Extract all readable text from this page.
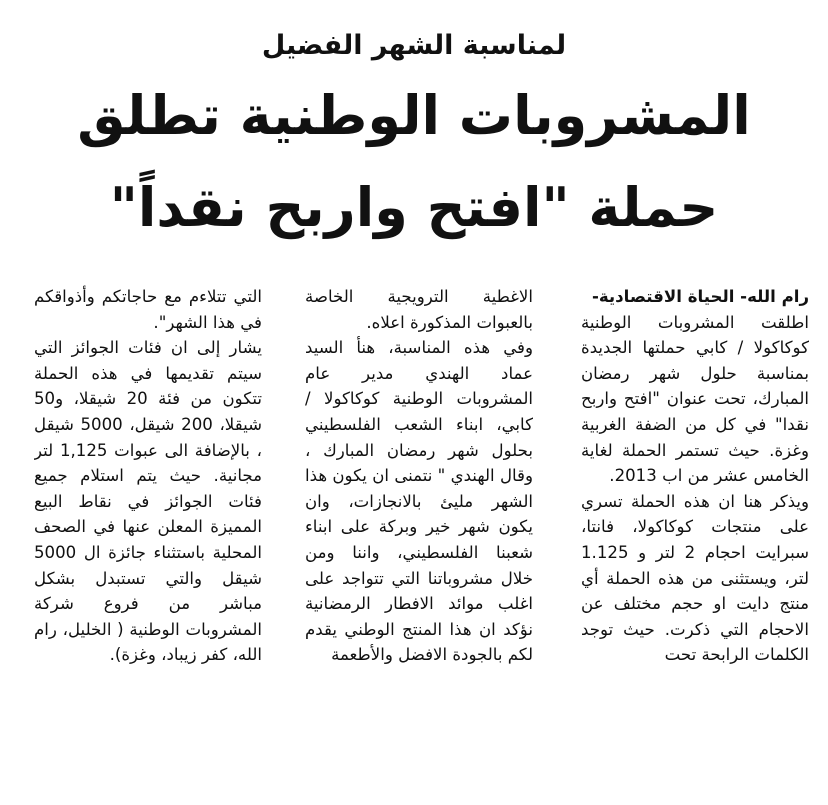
لمناسبة الشهر الفضيل
المشروبات الوطنية تطلق
حملة "افتح واربح نقداً"

رام الله- الحياة الاقتصادية-

اطلقت المشروبات الوطنية كوكاكولا / كابي حملتها الجديدة بمناسبة حلول شهر رمضان المبارك، تحت عنوان "افتح واربح نقدا" في كل من الضفة الغربية وغزة. حيث تستمر الحملة لغاية الخامس عشر من اب 2013.

ويذكر هنا ان هذه الحملة تسري على منتجات كوكاكولا، فانتا، سبرايت احجام 2 لتر و 1.125 لتر، ويستثنى من هذه الحملة أي منتج دايت او حجم مختلف عن الاحجام التي ذكرت. حيث توجد الكلمات الرابحة تحت

الاغطية الترويجية الخاصة بالعبوات المذكورة اعلاه.

وفي هذه المناسبة، هنأ السيد عماد الهندي مدير عام المشروبات الوطنية كوكاكولا /كابي، ابناء الشعب الفلسطيني بحلول شهر رمضان المبارك ، وقال الهندي " نتمنى ان يكون هذا الشهر مليئ بالانجازات، وان يكون شهر خير وبركة على ابناء شعبنا الفلسطيني، واننا ومن خلال مشروباتنا التي تتواجد على اغلب موائد الافطار الرمضانية نؤكد ان هذا المنتج الوطني يقدم لكم بالجودة الافضل والأطعمة

التي تتلاءم مع حاجاتكم وأذواقكم في هذا الشهر".

يشار إلى ان فئات الجوائز التي سيتم تقديمها في هذه الحملة تتكون من فئة 20 شيقلا، و50 شيقلا، 200 شيقل، 5000 شيقل ، بالإضافة الى عبوات 1,125 لتر مجانية. حيث يتم استلام جميع فئات الجوائز في نقاط البيع المميزة المعلن عنها في الصحف المحلية باستثناء جائزة ال 5000 شيقل والتي تستبدل بشكل مباشر من فروع شركة المشروبات الوطنية ( الخليل، رام الله، كفر زيباد، وغزة).
